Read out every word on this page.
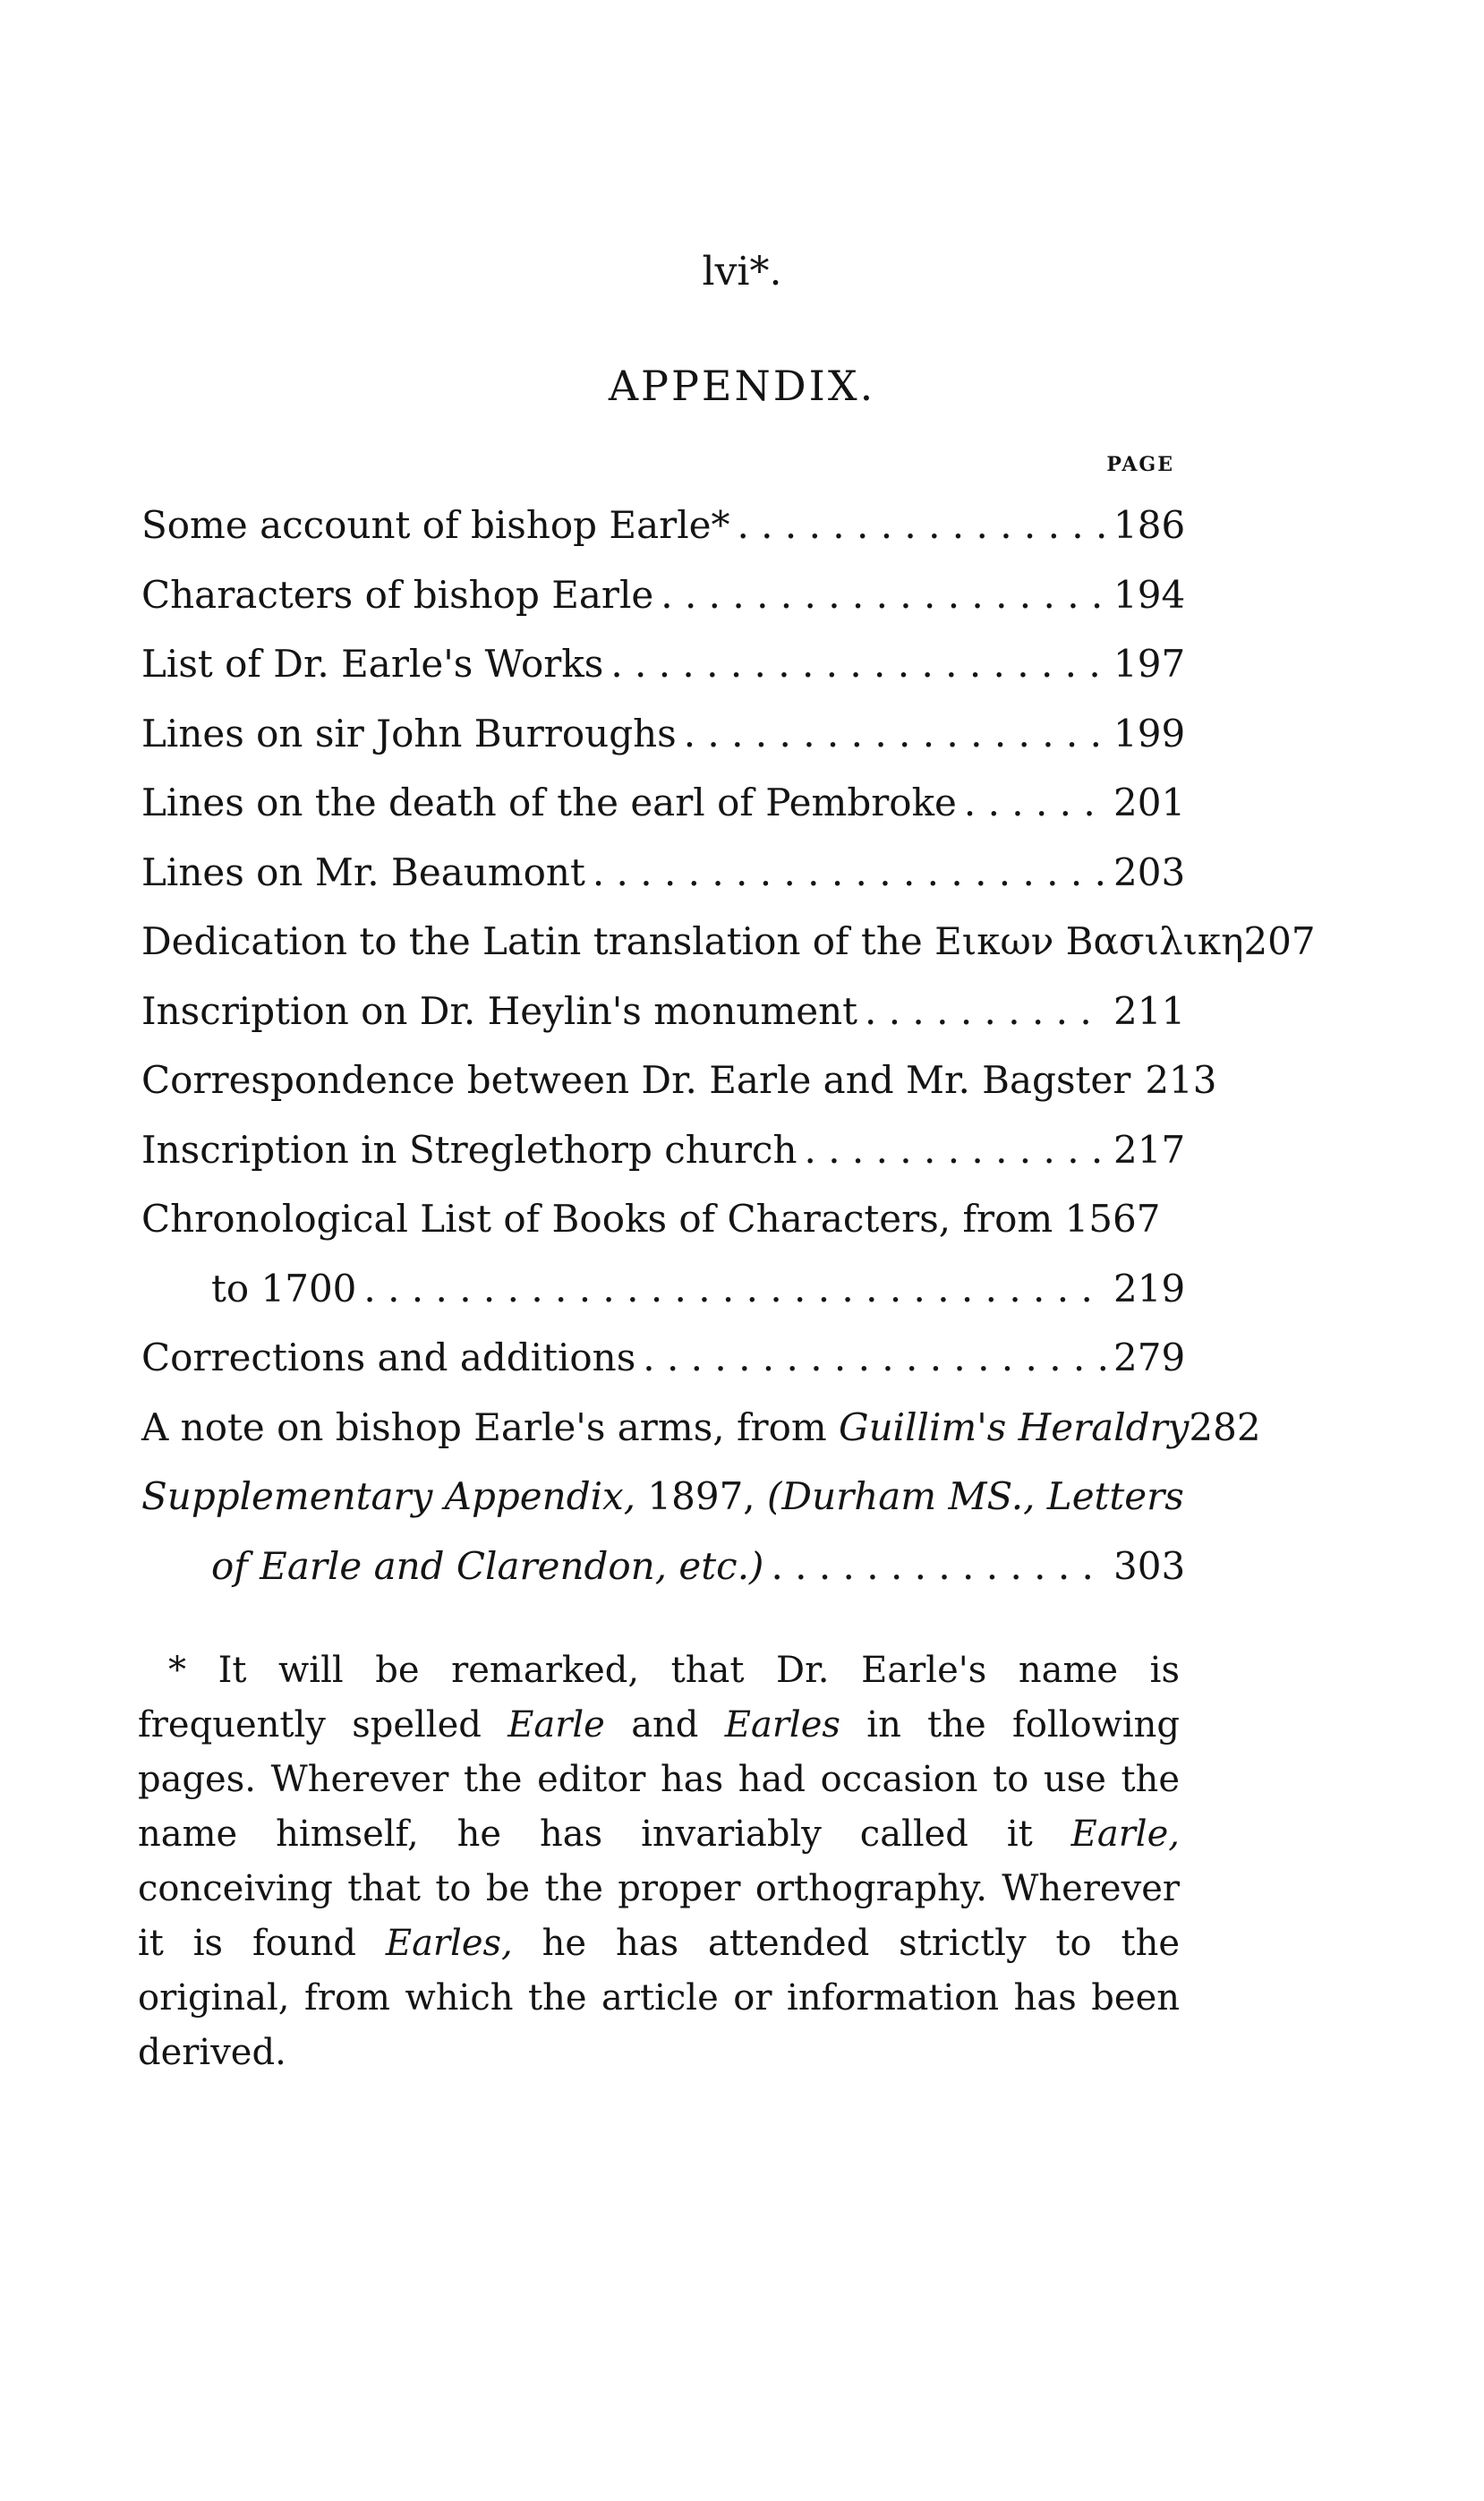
lvi*.
APPENDIX.
PAGE
Some account of bishop Earle* . . .	186
Characters of bishop Earle . . .	194
List of Dr. Earle's Works . . .	197
Lines on sir John Burroughs . . .	199
Lines on the death of the earl of Pembroke . . .	201
Lines on Mr. Beaumont . . .	203
Dedication to the Latin translation of the Εικων Βασιλικη 207
Inscription on Dr. Heylin's monument . . .	211
Correspondence between Dr. Earle and Mr. Bagster 213
Inscription in Streglethorp church . . .	217
Chronological List of Books of Characters, from 1567
to 1700 . . .	219
Corrections and additions . . .	279
A note on bishop Earle's arms, from Guillim's Heraldry 282
Supplementary Appendix, 1897, (Durham MS., Letters
of Earle and Clarendon, etc.) . . .	303
* It will be remarked, that Dr. Earle's name is frequently spelled Earle and Earles in the following pages. Wherever the editor has had occasion to use the name himself, he has invariably called it Earle, conceiving that to be the proper orthography. Wherever it is found Earles, he has attended strictly to the original, from which the article or information has been derived.
